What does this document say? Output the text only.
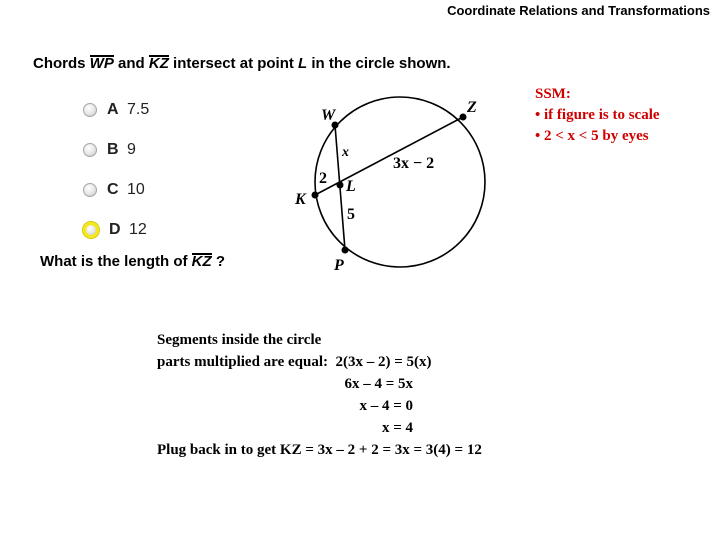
Coordinate Relations and Transformations
Chords WP and KZ intersect at point L in the circle shown.
A 7.5
B 9
C 10
D 12
What is the length of KZ ?
W	Z
K
L
P
x
3x − 2
2
5
SSM:
• if figure is to scale
• 2 < x < 5 by eyes
Segments inside the circle
parts multiplied are equal:  2(3x – 2) = 5(x)
6x – 4 = 5x
x – 4 = 0
x = 4
Plug back in to get KZ = 3x – 2 + 2 = 3x = 3(4) = 12
